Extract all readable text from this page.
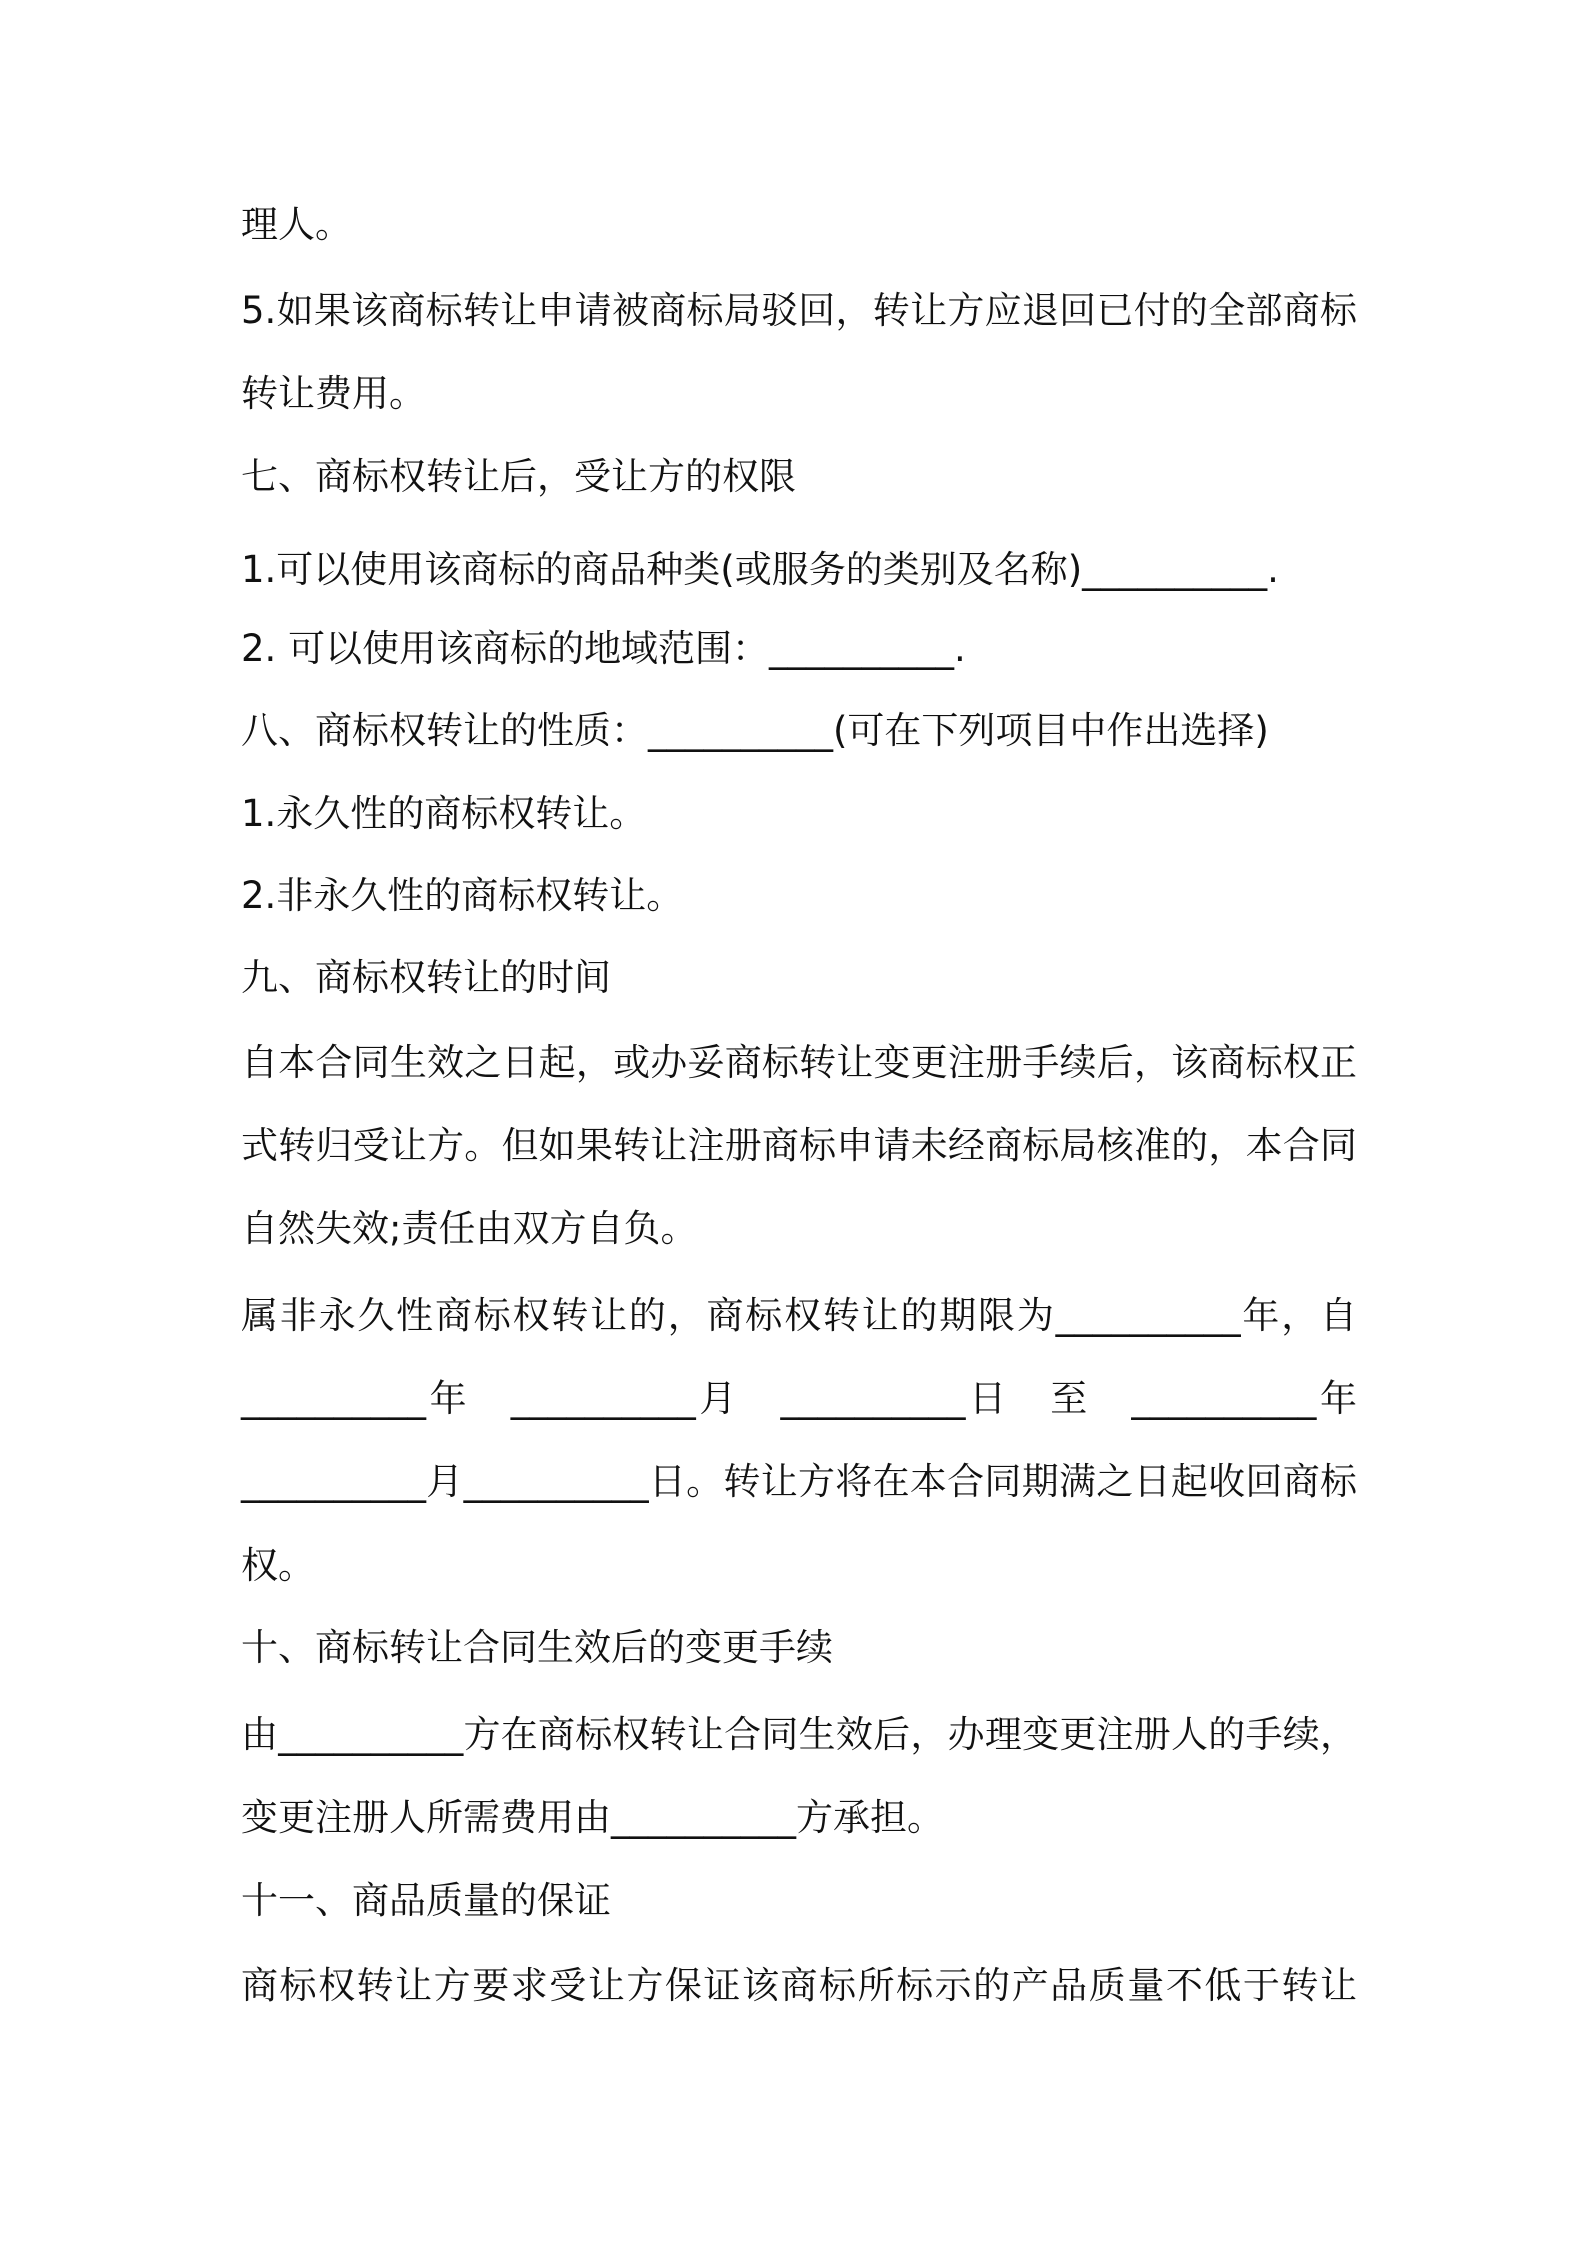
理人。
5.如果该商标转让申请被商标局驳回，转让方应退回已付的全部商标
转让费用。
七、商标权转让后，受让方的权限
1.可以使用该商标的商品种类(或服务的类别及名称)__________.
2. 可以使用该商标的地域范围：__________.
八、商标权转让的性质：__________(可在下列项目中作出选择)
1.永久性的商标权转让。
2.非永久性的商标权转让。
九、商标权转让的时间
自本合同生效之日起，或办妥商标转让变更注册手续后，该商标权正
式转归受让方。但如果转让注册商标申请未经商标局核准的，本合同
自然失效;责任由双方自负。
属非永久性商标权转让的，商标权转让的期限为__________年，自
__________年　__________月　__________日　至　__________年
__________月__________日。转让方将在本合同期满之日起收回商标
权。
十、商标转让合同生效后的变更手续
由__________方在商标权转让合同生效后，办理变更注册人的手续，
变更注册人所需费用由__________方承担。
十一、商品质量的保证
商标权转让方要求受让方保证该商标所标示的产品质量不低于转让
